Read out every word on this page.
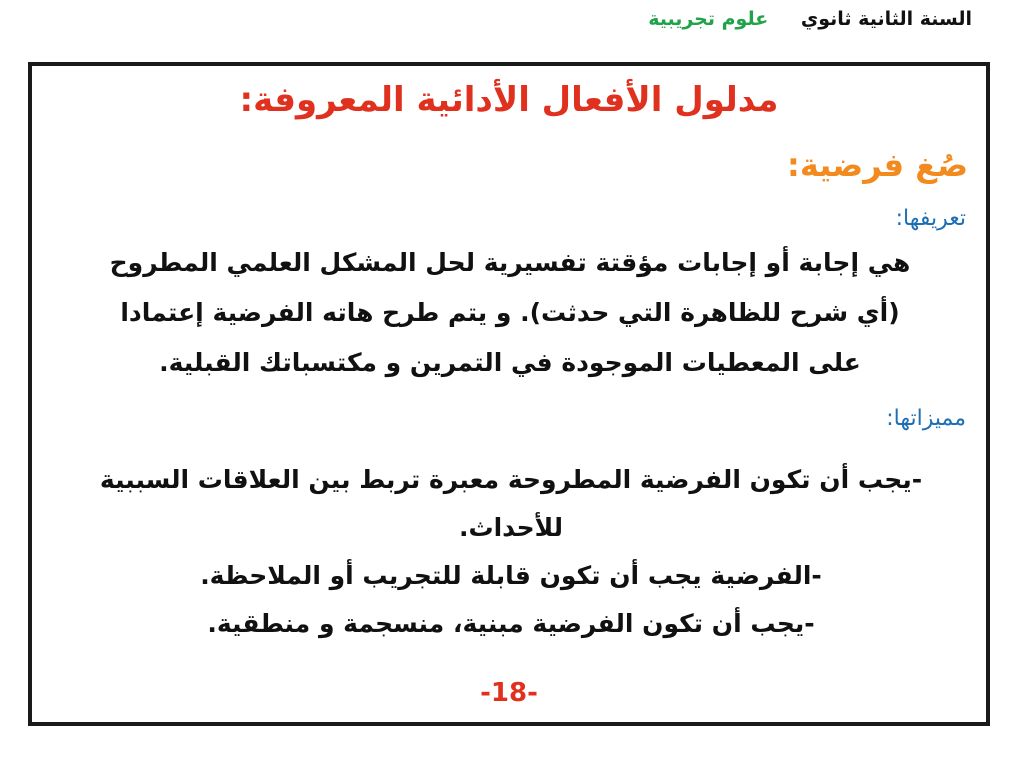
السنة الثانية ثانوي علوم تجريبية
مدلول الأفعال الأدائية المعروفة:
صُغ فرضية:
تعريفها:
هي إجابة أو إجابات مؤقتة تفسيرية لحل المشكل العلمي المطروح
(أي شرح للظاهرة التي حدثت). و يتم طرح هاته الفرضية إعتمادا
على المعطيات الموجودة في التمرين و مكتسباتك القبلية.
مميزاتها:
-يجب أن تكون الفرضية المطروحة معبرة تربط بين العلاقات السببية
للأحداث.
-الفرضية يجب أن تكون قابلة للتجريب أو الملاحظة.
-يجب أن تكون الفرضية مبنية، منسجمة و منطقية.
-18-
